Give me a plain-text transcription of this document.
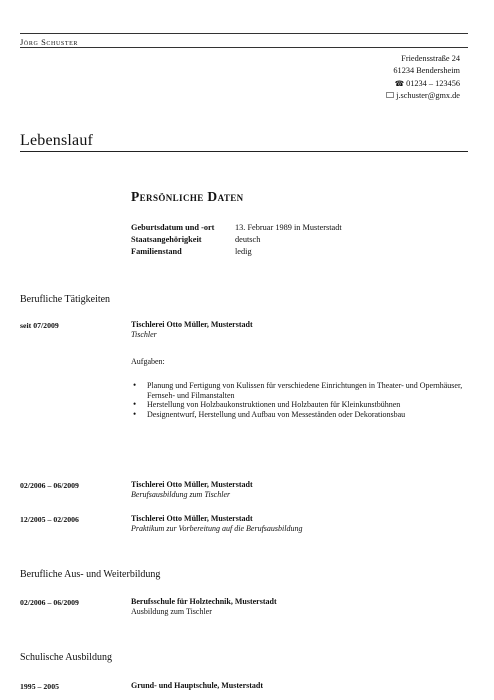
Jörg Schuster
Friedensstraße 24
61234 Bendersheim
☎ 01234 – 123456
j.schuster@gmx.de
Lebenslauf
Persönliche Daten
Geburtsdatum und -ort 13. Februar 1989 in Musterstadt
Staatsangehörigkeit	deutsch
Familienstand	ledig
Berufliche Tätigkeiten
seit 07/2009	Tischlerei Otto Müller, Musterstadt
Tischler
Aufgaben:
• Planung und Fertigung von Kulissen für verschiedene Einrichtungen in Theater- und Opernhäuser, Fernseh- und Filmanstalten
• Herstellung von Holzbaukonstruktionen und Holzbauten für Kleinkunstbühnen
• Designentwurf, Herstellung und Aufbau von Messeständen oder Dekorationsbau
02/2006 – 06/2009	Tischlerei Otto Müller, Musterstadt
Berufsausbildung zum Tischler
12/2005 – 02/2006	Tischlerei Otto Müller, Musterstadt
Praktikum zur Vorbereitung auf die Berufsausbildung
Berufliche Aus- und Weiterbildung
02/2006 – 06/2009	Berufsschule für Holztechnik, Musterstadt
Ausbildung zum Tischler
Schulische Ausbildung
1995 – 2005	Grund- und Hauptschule, Musterstadt
